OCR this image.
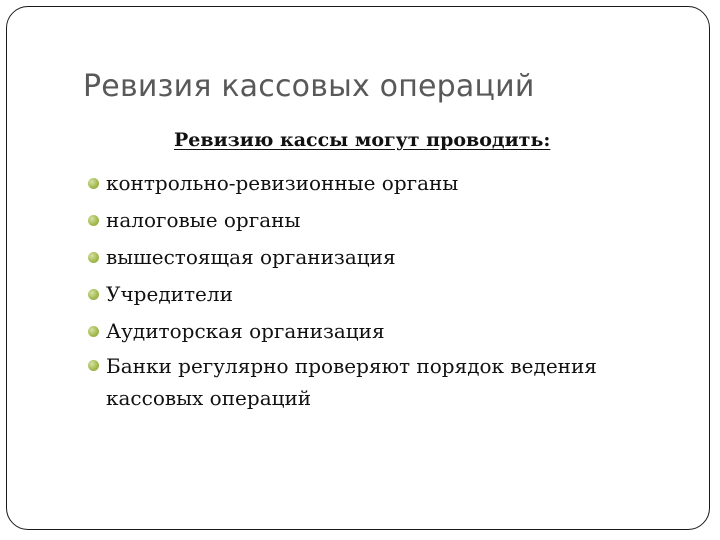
Ревизия кассовых операций

Ревизию кассы могут проводить:

контрольно-ревизионные органы
налоговые органы
вышестоящая организация
Учредители
Аудиторская организация
Банки регулярно проверяют порядок ведения кассовых операций
